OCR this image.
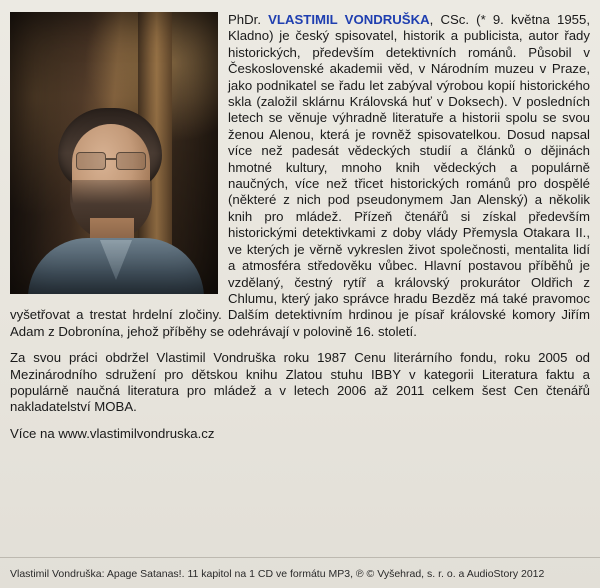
PhDr. VLASTIMIL VONDRUŠKA, CSc. (* 9. května 1955, Kladno) je český spisovatel, historik a publicista, autor řady historických, především detektivních románů. Působil v Československé akademii věd, v Národním muzeu v Praze, jako podnikatel se řadu let zabýval výrobou kopií historického skla (založil sklárnu Královská huť v Doksech). V posledních letech se věnuje výhradně literatuře a historii spolu se svou ženou Alenou, která je rovněž spisovatelkou. Dosud napsal více než padesát vědeckých studií a článků o dějinách hmotné kultury, mnoho knih vědeckých a populárně naučných, více než třicet historických románů pro dospělé (některé z nich pod pseudonymem Jan Alenský) a několik knih pro mládež. Přízeň čtenářů si získal především historickými detektivkami z doby vlády Přemysla Otakara II., ve kterých je věrně vykreslen život společnosti, mentalita lidí a atmosféra středověku vůbec. Hlavní postavou příběhů je vzdělaný, čestný rytíř a královský prokurátor Oldřich z Chlumu, který jako správce hradu Bezděz má také pravomoc vyšetřovat a trestat hrdelní zločiny. Dalším detektivním hrdinou je písař královské komory Jiřím Adam z Dobronína, jehož příběhy se odehrávají v polovině 16. století.

Za svou práci obdržel Vlastimil Vondruška roku 1987 Cenu literárního fondu, roku 2005 od Mezinárodního sdružení pro dětskou knihu Zlatou stuhu IBBY v kategorii Literatura faktu a populárně naučná literatura pro mládež a v letech 2006 až 2011 celkem šest Cen čtenářů nakladatelství MOBA.

Více na www.vlastimilvondruska.cz

Vlastimil Vondruška: Apage Satanas!. 11 kapitol na 1 CD ve formátu MP3, ℗ © Vyšehrad, s. r. o. a AudioStory 2012
